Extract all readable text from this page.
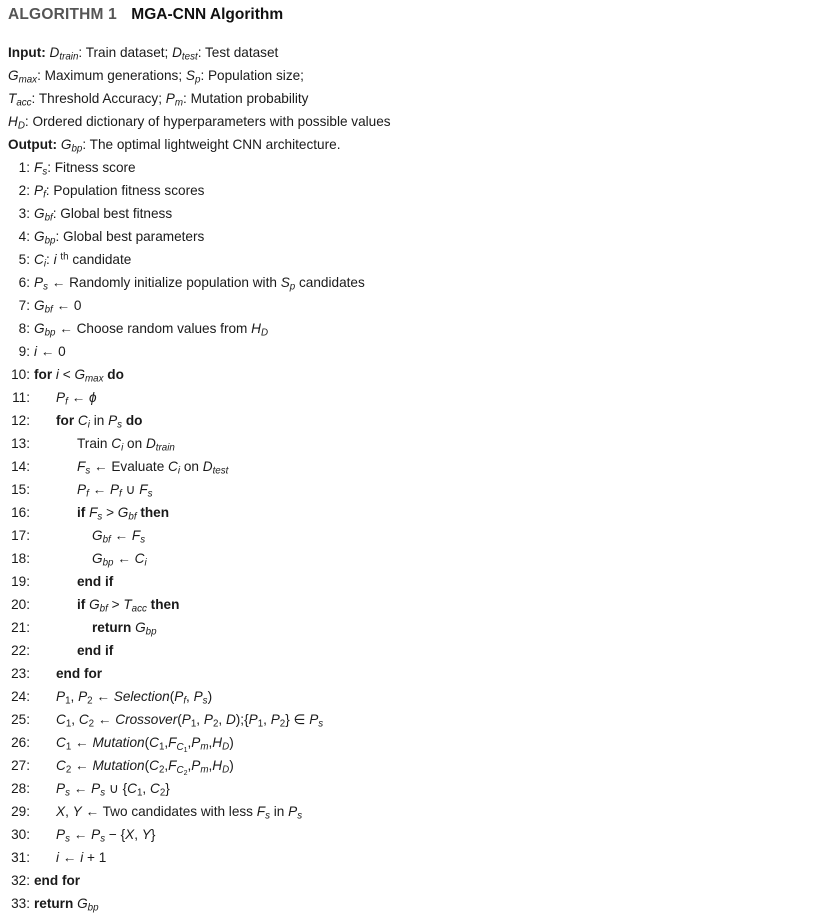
ALGORITHM 1 MGA-CNN Algorithm
Input: $D_{train}$: Train dataset; $D_{test}$: Test dataset
$G_{max}$: Maximum generations; $S_p$: Population size;
$T_{acc}$: Threshold Accuracy; $P_m$: Mutation probability
$H_D$: Ordered dictionary of hyperparameters with possible values
Output: $G_{bp}$: The optimal lightweight CNN architecture.
1: $F_s$: Fitness score
2: $P_f$: Population fitness scores
3: $G_{bf}$: Global best fitness
4: $G_{bp}$: Global best parameters
5: $C_i$: i $^{th}$ candidate
6: $P_s$ ← Randomly initialize population with $S_p$ candidates
7: $G_{bf}$ ← 0
8: $G_{bp}$ ← Choose random values from $H_D$
9: i ← 0
10: for $i < G_{max}$ do
11: $P_f$ ← ϕ
12: for $C_i$ in $P_s$ do
13:	Train $C_i$ on $D_{train}$
14:	$F_s$ ← Evaluate $C_i$ on $D_{test}$
15:	$P_f$ ← $P_f$ ∪ $F_s$
16:	if $F_s > G_{bf}$ then
17:	$G_{bf}$ ← $F_s$
18:	$G_{bp}$ ← $C_i$
19:	end if
20:	if $G_{bf} > T_{acc}$ then
21:	return $G_{bp}$
22:	end if
23: end for
24: $P_1$, $P_2$ ← $Selection(P_f$, $P_s$)
25: $C_1$, $C_2$ ← $Crossover(P_1$, $P_2$, $D);\{P_1$, $P_2$} ∈ $P_s$
26: $C_1$ ← $Mutation(C_1,F_{C_1},P_m,H_D)$
27: $C_2$ ← $Mutation(C_2,F_{C_2},P_m,H_D)$
28: $P_s$ ← $P_s$ ∪ {$C_1$, $C_2$}
29: X, Y ← Two candidates with less $F_s$ in $P_s$
30: $P_s$ ← $P_s - \{X$, Y}
31: i ← i + 1
32: end for
33: return $G_{bp}$
